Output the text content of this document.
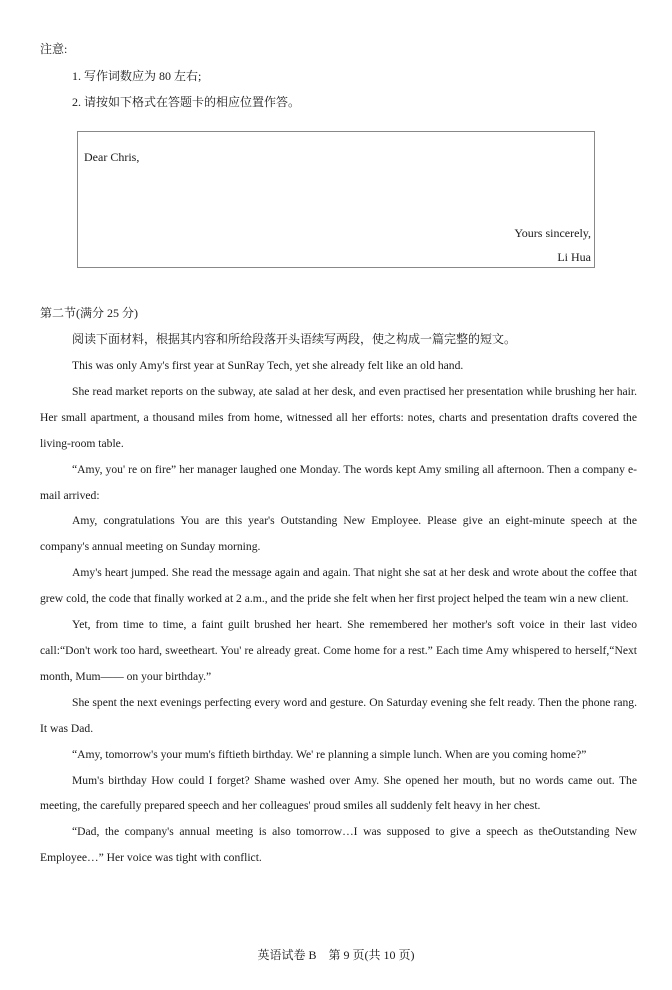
注意:
1. 写作词数应为 80 左右;
2. 请按如下格式在答题卡的相应位置作答。
Dear Chris,
Yours sincerely,
Li Hua
第二节(满分 25 分)
阅读下面材料，根据其内容和所给段落开头语续写两段，使之构成一篇完整的短文。

This was only Amy's first year at SunRay Tech, yet she already felt like an old hand.

She read market reports on the subway, ate salad at her desk, and even practised her presentation while brushing her hair. Her small apartment, a thousand miles from home, witnessed all her efforts: notes, charts and presentation drafts covered the living-room table.

“Amy, you' re on fire” her manager laughed one Monday. The words kept Amy smiling all afternoon. Then a company e-mail arrived:

Amy, congratulations You are this year's Outstanding New Employee. Please give an eight-minute speech at the company's annual meeting on Sunday morning.

Amy's heart jumped. She read the message again and again. That night she sat at her desk and wrote about the coffee that grew cold, the code that finally worked at 2 a.m., and the pride she felt when her first project helped the team win a new client.

Yet, from time to time, a faint guilt brushed her heart. She remembered her mother's soft voice in their last video call:“Don't work too hard, sweetheart. You' re already great. Come home for a rest.” Each time Amy whispered to herself,“Next month, Mum—— on your birthday.”

She spent the next evenings perfecting every word and gesture. On Saturday evening she felt ready. Then the phone rang. It was Dad.

“Amy, tomorrow's your mum's fiftieth birthday. We' re planning a simple lunch. When are you coming home?”

Mum's birthday How could I forget? Shame washed over Amy. She opened her mouth, but no words came out. The meeting, the carefully prepared speech and her colleagues' proud smiles all suddenly felt heavy in her chest.

“Dad, the company's annual meeting is also tomorrow…I was supposed to give a speech as theOutstanding New Employee…” Her voice was tight with conflict.

英语试卷 B　第 9 页(共 10 页)
